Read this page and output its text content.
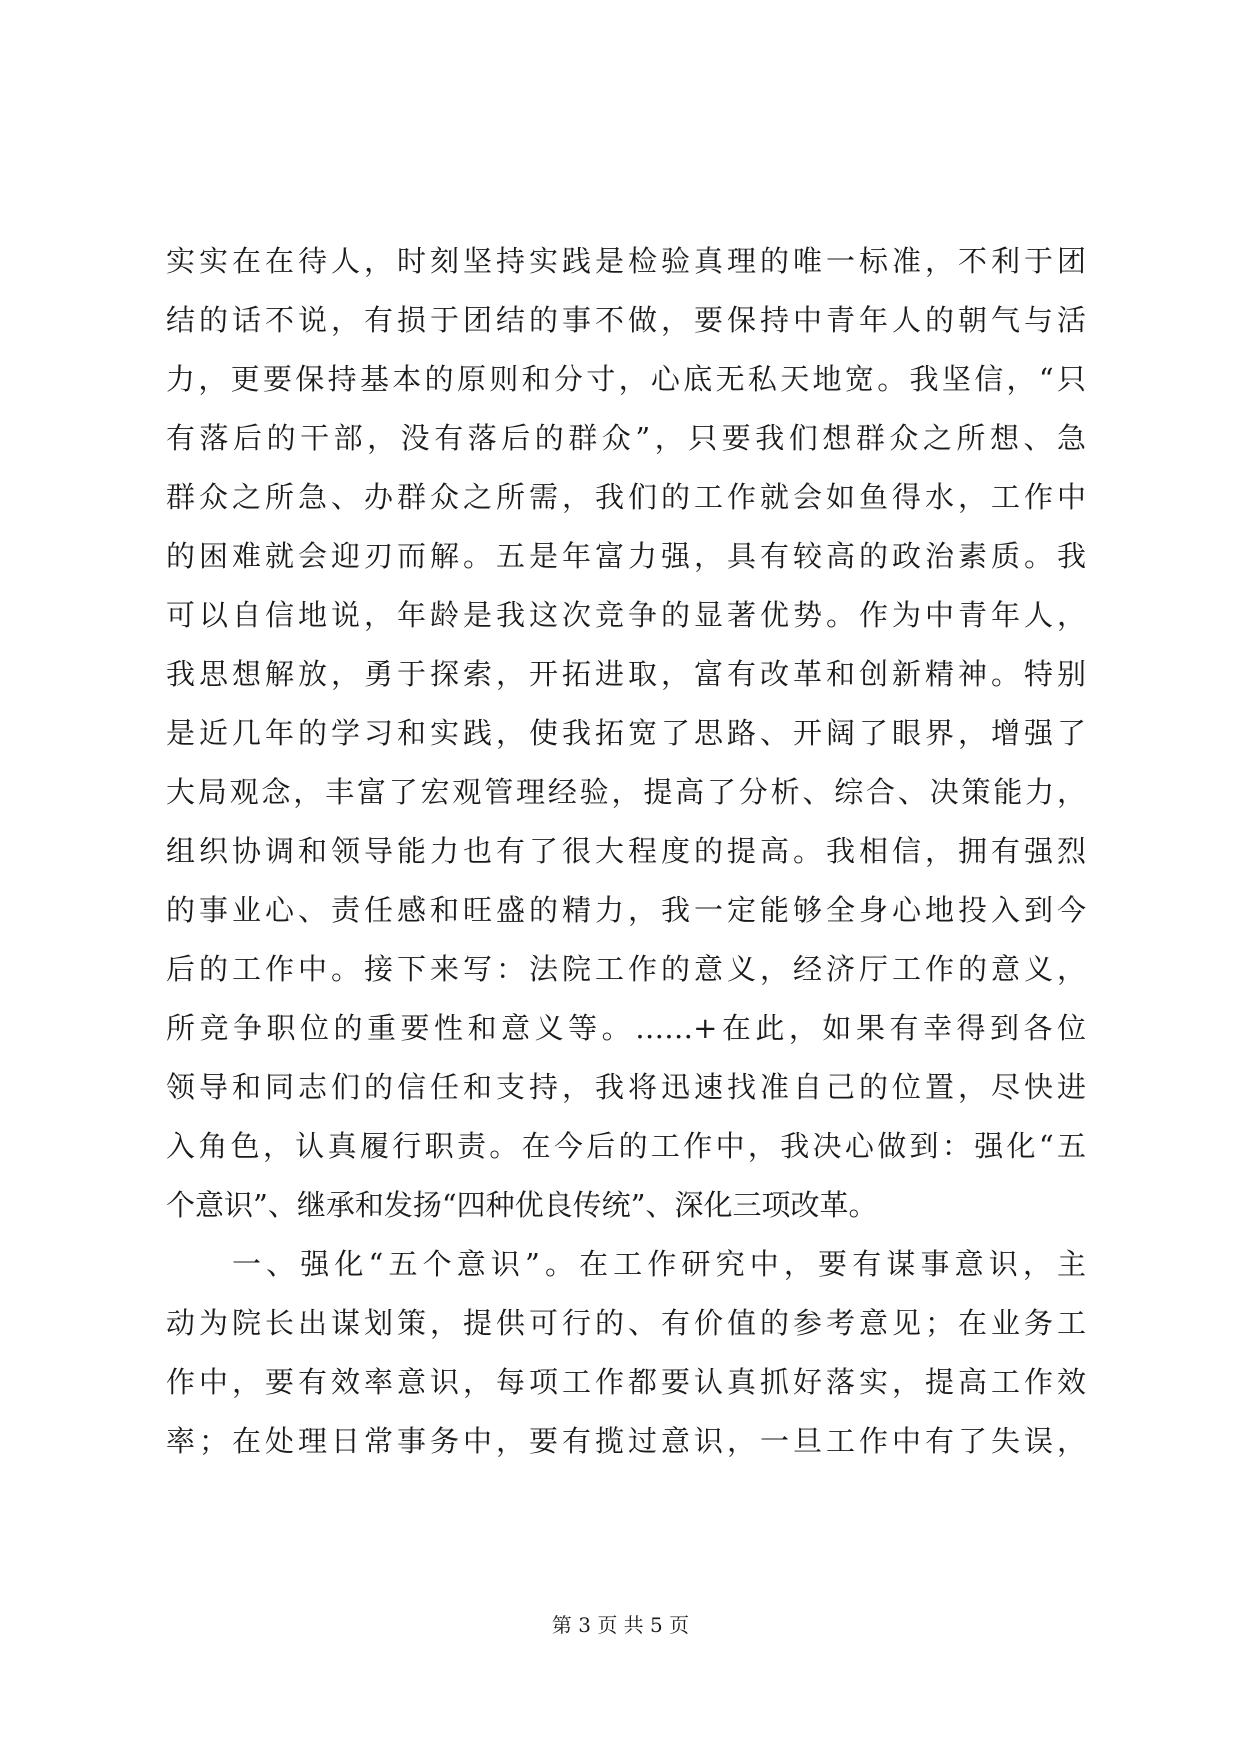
实实在在待人，时刻坚持实践是检验真理的唯一标准，不利于团
结的话不说，有损于团结的事不做，要保持中青年人的朝气与活
力，更要保持基本的原则和分寸，心底无私天地宽。我坚信，“只
有落后的干部，没有落后的群众”，只要我们想群众之所想、急
群众之所急、办群众之所需，我们的工作就会如鱼得水，工作中
的困难就会迎刃而解。五是年富力强，具有较高的政治素质。我
可以自信地说，年龄是我这次竞争的显著优势。作为中青年人，
我思想解放，勇于探索，开拓进取，富有改革和创新精神。特别
是近几年的学习和实践，使我拓宽了思路、开阔了眼界，增强了
大局观念，丰富了宏观管理经验，提高了分析、综合、决策能力，
组织协调和领导能力也有了很大程度的提高。我相信，拥有强烈
的事业心、责任感和旺盛的精力，我一定能够全身心地投入到今
后的工作中。接下来写：法院工作的意义，经济厅工作的意义，
所竞争职位的重要性和意义等。……+在此，如果有幸得到各位
领导和同志们的信任和支持，我将迅速找准自己的位置，尽快进
入角色，认真履行职责。在今后的工作中，我决心做到：强化“五
个意识”、继承和发扬“四种优良传统”、深化三项改革。
一、强化“五个意识”。在工作研究中，要有谋事意识，主
动为院长出谋划策，提供可行的、有价值的参考意见；在业务工
作中，要有效率意识，每项工作都要认真抓好落实，提高工作效
率；在处理日常事务中，要有揽过意识，一旦工作中有了失误，
第 3 页 共 5 页
